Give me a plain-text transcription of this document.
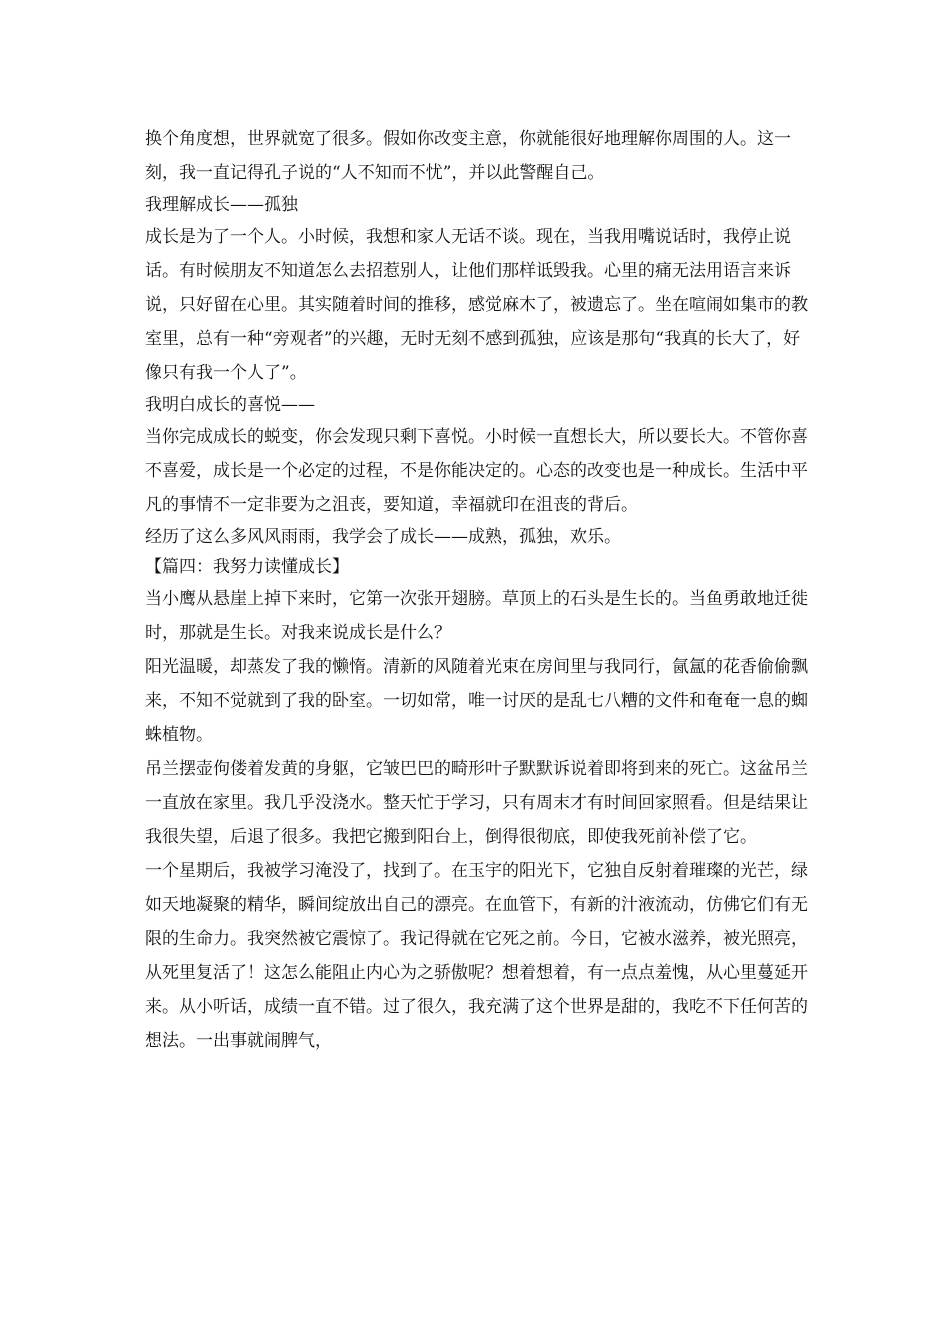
换个角度想，世界就宽了很多。假如你改变主意，你就能很好地理解你周围的人。这一刻，我一直记得孔子说的“人不知而不忧”，并以此警醒自己。

我理解成长——孤独

成长是为了一个人。小时候，我想和家人无话不谈。现在，当我用嘴说话时，我停止说话。有时候朋友不知道怎么去招惹别人，让他们那样诋毁我。心里的痛无法用语言来诉说，只好留在心里。其实随着时间的推移，感觉麻木了，被遗忘了。坐在喧闹如集市的教室里，总有一种“旁观者”的兴趣，无时无刻不感到孤独，应该是那句“我真的长大了，好像只有我一个人了”。

我明白成长的喜悦——

当你完成成长的蜕变，你会发现只剩下喜悦。小时候一直想长大，所以要长大。不管你喜不喜爱，成长是一个必定的过程，不是你能决定的。心态的改变也是一种成长。生活中平凡的事情不一定非要为之沮丧，要知道，幸福就印在沮丧的背后。

经历了这么多风风雨雨，我学会了成长——成熟，孤独，欢乐。

【篇四：我努力读懂成长】

当小鹰从悬崖上掉下来时，它第一次张开翅膀。草顶上的石头是生长的。当鱼勇敢地迁徙时，那就是生长。对我来说成长是什么？

阳光温暖，却蒸发了我的懒惰。清新的风随着光束在房间里与我同行，氤氲的花香偷偷飘来，不知不觉就到了我的卧室。一切如常，唯一讨厌的是乱七八糟的文件和奄奄一息的蜘蛛植物。

吊兰摆壶佝偻着发黄的身躯，它皱巴巴的畸形叶子默默诉说着即将到来的死亡。这盆吊兰一直放在家里。我几乎没浇水。整天忙于学习，只有周末才有时间回家照看。但是结果让我很失望，后退了很多。我把它搬到阳台上，倒得很彻底，即使我死前补偿了它。

一个星期后，我被学习淹没了，找到了。在玉宇的阳光下，它独自反射着璀璨的光芒，绿如天地凝聚的精华，瞬间绽放出自己的漂亮。在血管下，有新的汁液流动，仿佛它们有无限的生命力。我突然被它震惊了。我记得就在它死之前。今日，它被水滋养，被光照亮，从死里复活了！这怎么能阻止内心为之骄傲呢？想着想着，有一点点羞愧，从心里蔓延开来。从小听话，成绩一直不错。过了很久，我充满了这个世界是甜的，我吃不下任何苦的想法。一出事就闹脾气，
